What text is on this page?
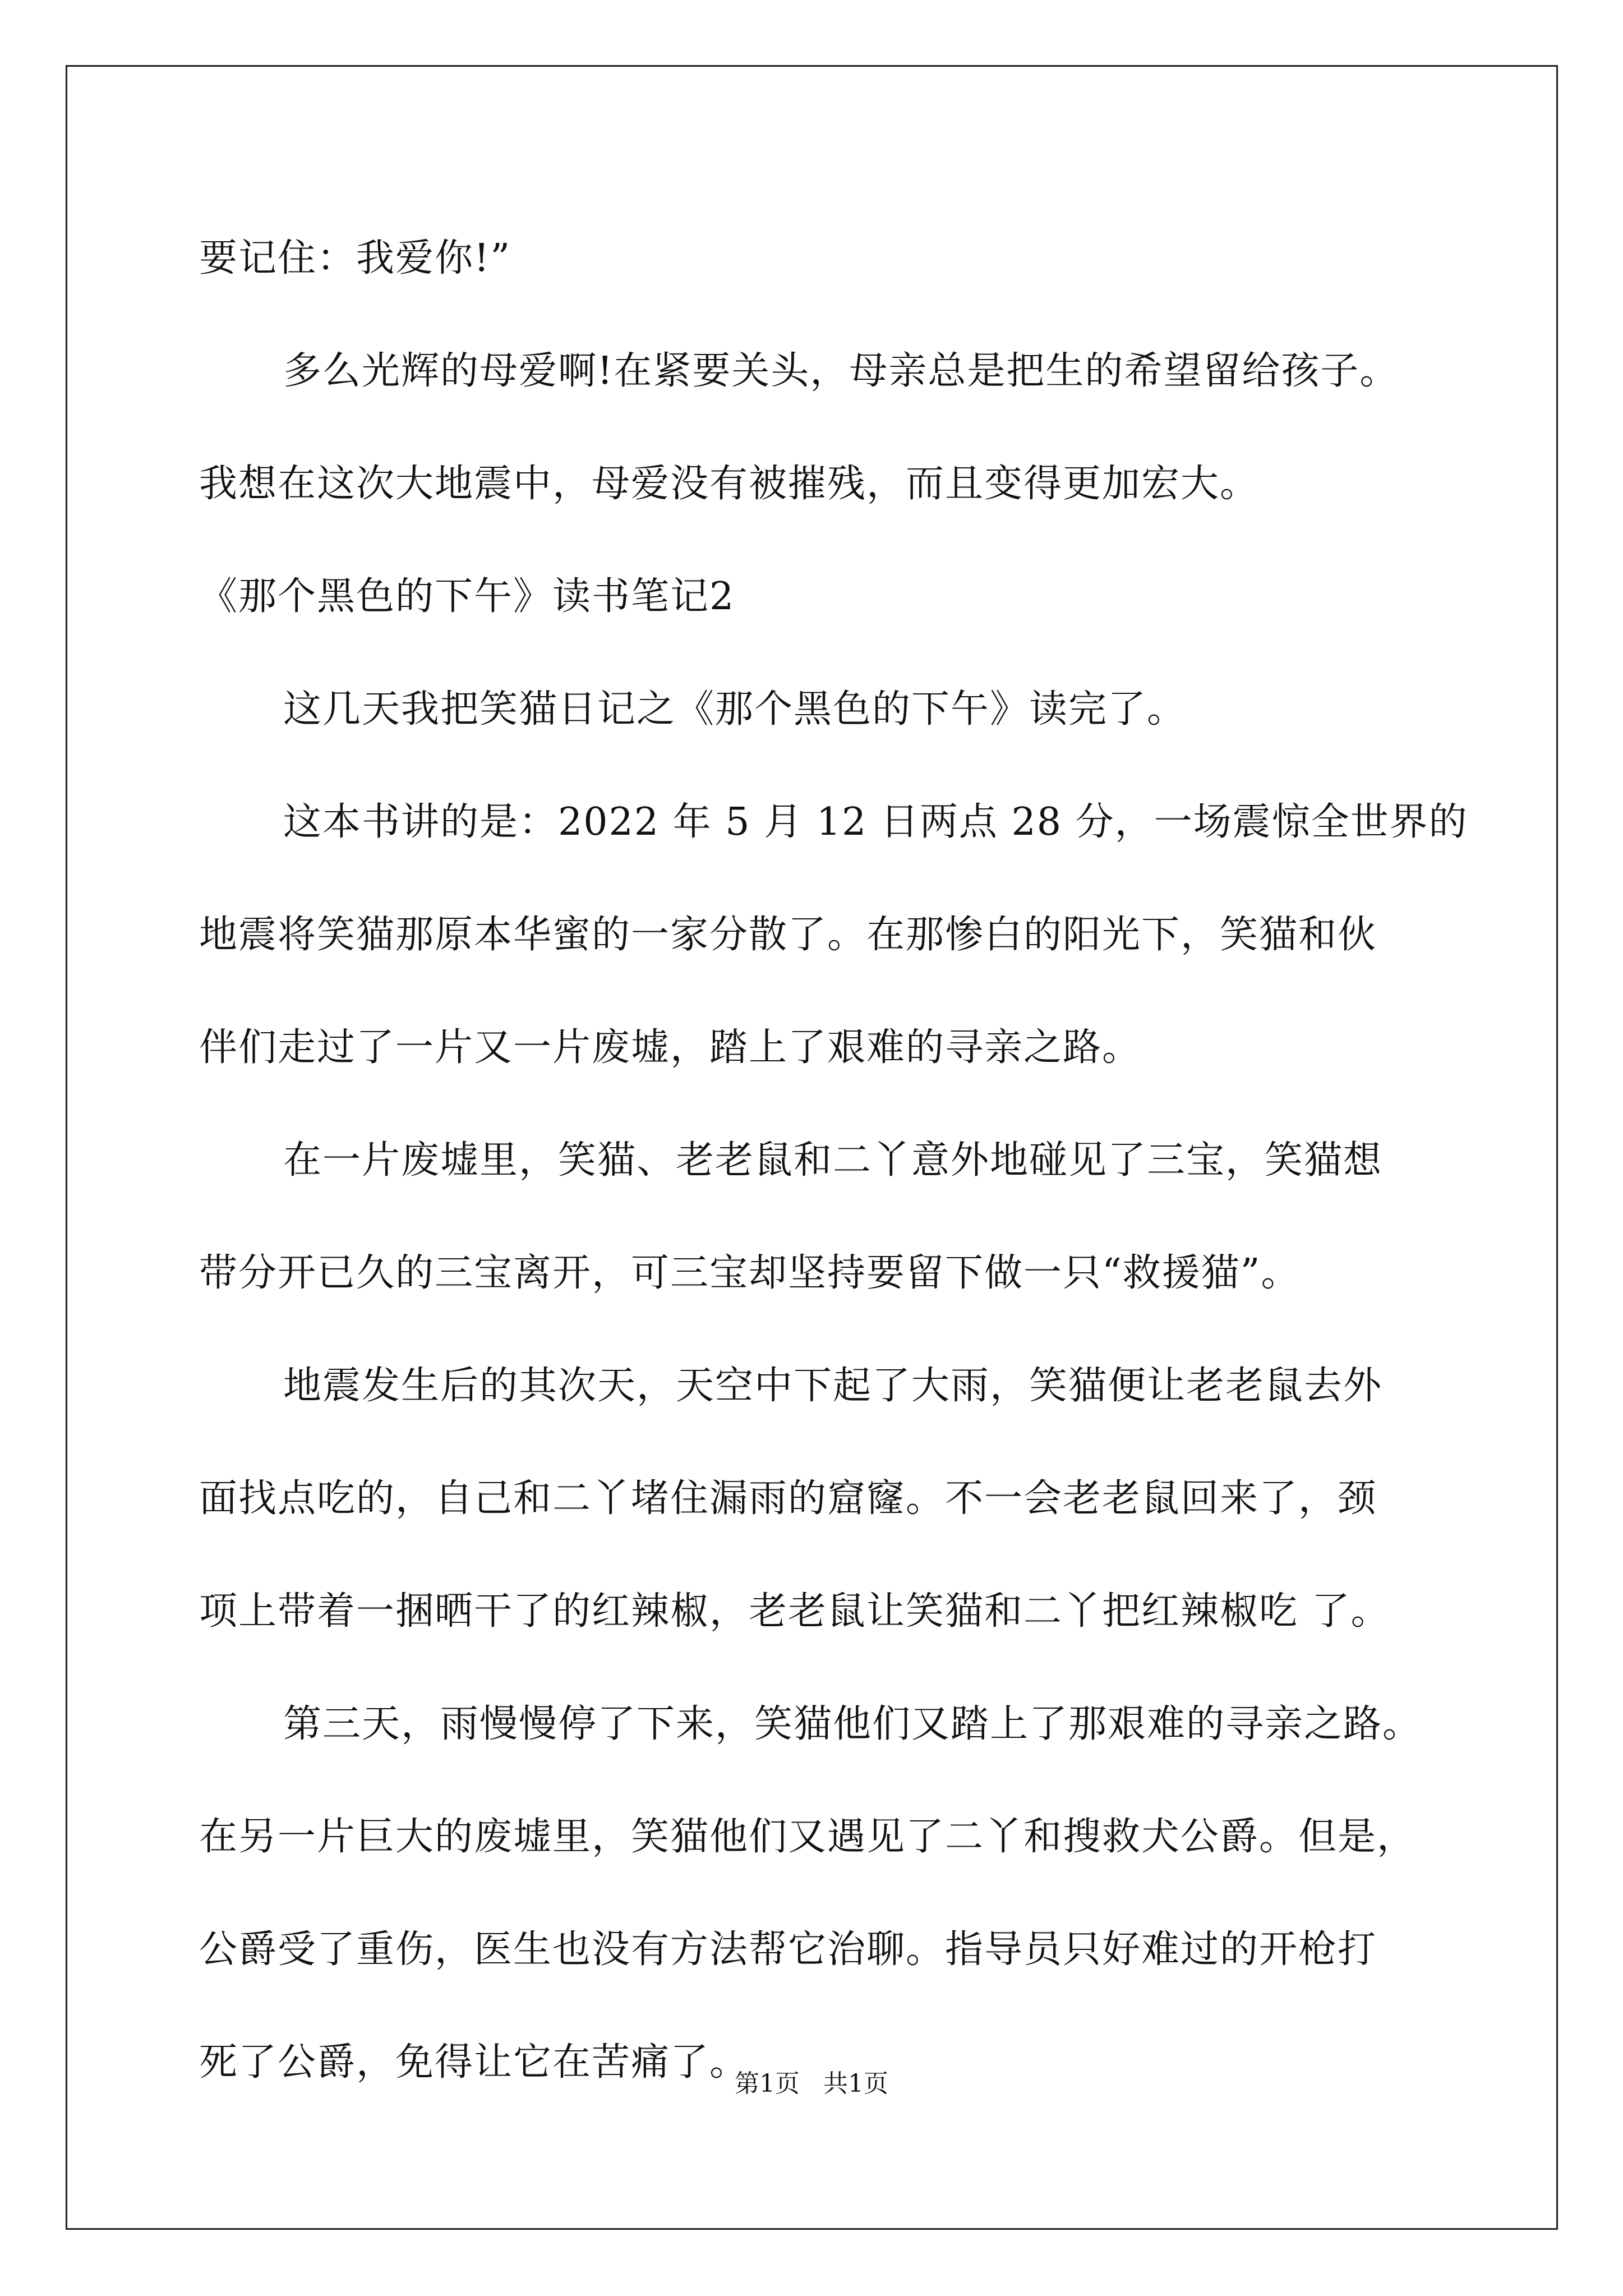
要记住：我爱你!”
多么光辉的母爱啊!在紧要关头，母亲总是把生的希望留给孩子。
我想在这次大地震中，母爱没有被摧残，而且变得更加宏大。
《那个黑色的下午》读书笔记2
这几天我把笑猫日记之《那个黑色的下午》读完了。
这本书讲的是：2022 年 5 月 12 日两点 28 分，一场震惊全世界的
地震将笑猫那原本华蜜的一家分散了。在那惨白的阳光下，笑猫和伙
伴们走过了一片又一片废墟，踏上了艰难的寻亲之路。
在一片废墟里，笑猫、老老鼠和二丫意外地碰见了三宝，笑猫想
带分开已久的三宝离开，可三宝却坚持要留下做一只“救援猫”。
地震发生后的其次天，天空中下起了大雨，笑猫便让老老鼠去外
面找点吃的，自己和二丫堵住漏雨的窟窿。不一会老老鼠回来了，颈
项上带着一捆晒干了的红辣椒，老老鼠让笑猫和二丫把红辣椒吃 了。
第三天，雨慢慢停了下来，笑猫他们又踏上了那艰难的寻亲之路。
在另一片巨大的废墟里，笑猫他们又遇见了二丫和搜救犬公爵。但是，
公爵受了重伤，医生也没有方法帮它治聊。指导员只好难过的开枪打
死了公爵，免得让它在苦痛了。
第1页   共1页
